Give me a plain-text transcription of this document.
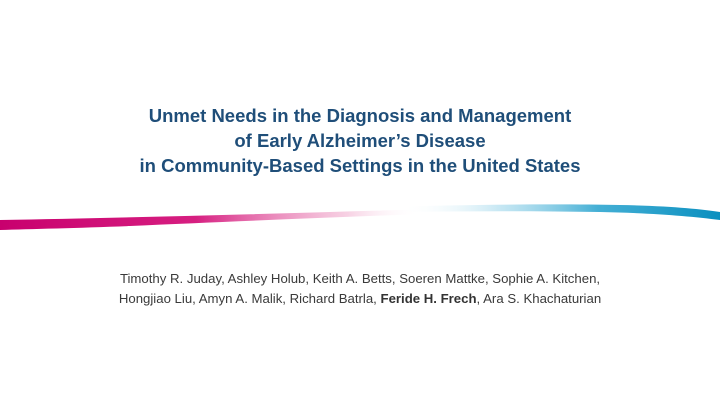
Unmet Needs in the Diagnosis and Management
of Early Alzheimer’s Disease
in Community-Based Settings in the United States

Timothy R. Juday, Ashley Holub, Keith A. Betts, Soeren Mattke, Sophie A. Kitchen,
Hongjiao Liu, Amyn A. Malik, Richard Batrla, Feride H. Frech, Ara S. Khachaturian
